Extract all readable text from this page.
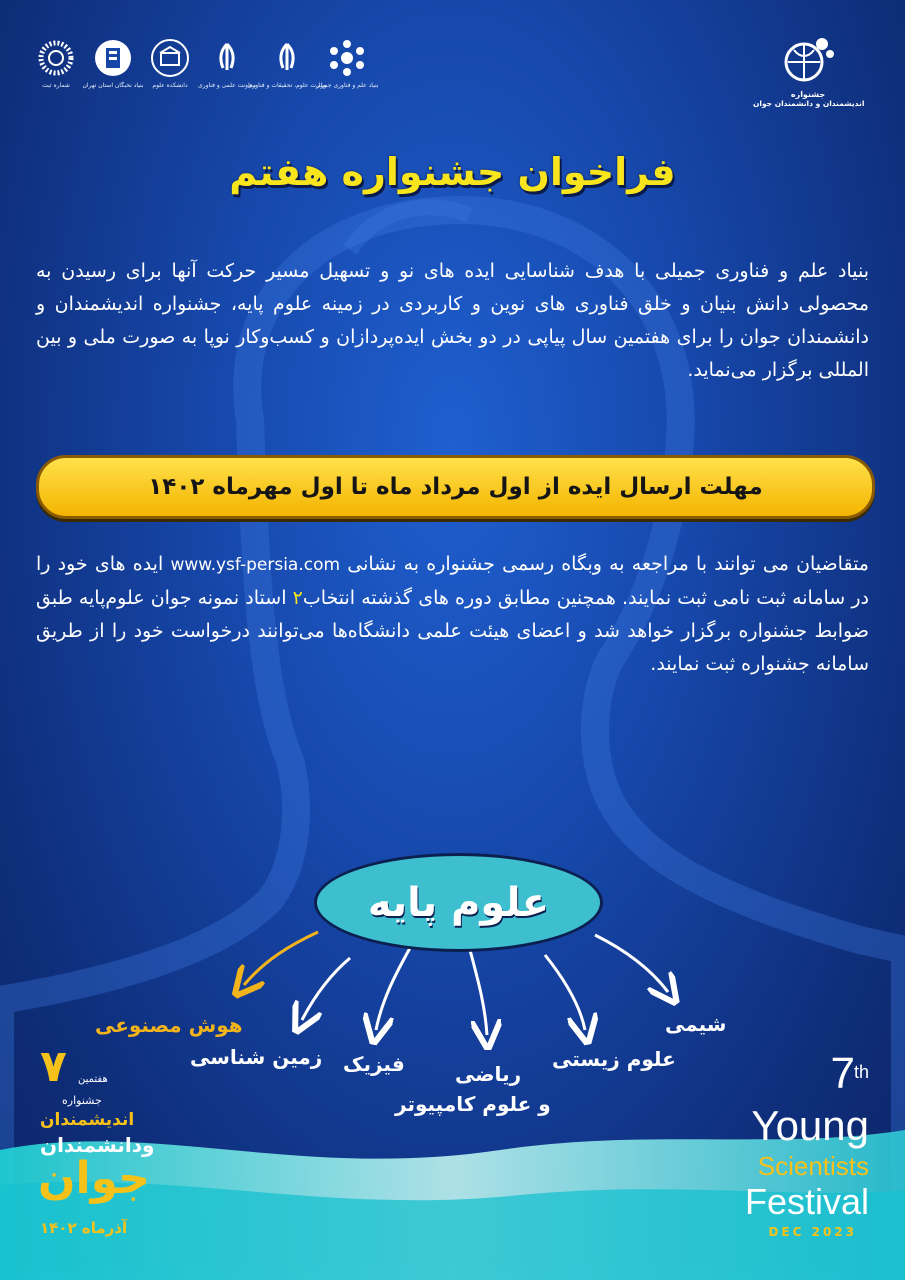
شماره ثبت بنیاد نخبگان استان تهران دانشکده علوم معاونت علمی و فناوری
وزارت علوم، تحقیقات و فناوری
بنیاد علم و فناوری جمیلی
جشنواره
اندیشمندان و دانشمندان جوان
فراخوان جشنواره هفتم
بنیاد علم و فناوری جمیلی با هدف شناسایی ایده های نو و تسهیل مسیر حرکت آنها برای رسیدن به محصولی دانش بنیان و خلق فناوری های نوین و کاربردی در زمینه علوم پایه، جشنواره اندیشمندان و دانشمندان جوان را برای هفتمین سال پیاپی در دو بخش ایده‌پردازان و کسب‌وکار نوپا به صورت ملی و بین المللی برگزار می‌نماید.
مهلت ارسال ایده از اول مرداد ماه تا اول مهرماه ۱۴۰۲
متقاضیان می توانند با مراجعه به وبگاه رسمی جشنواره به نشانی www.ysf-persia.com ایده های خود را در سامانه ثبت نامی ثبت نمایند. همچنین مطابق دوره های گذشته انتخاب۲ استاد نمونه جوان علوم‌پایه طبق ضوابط جشنواره برگزار خواهد شد و اعضای هیئت علمی دانشگاه‌ها می‌توانند درخواست خود را از طریق سامانه جشنواره ثبت نمایند.
علوم پایه
هوش مصنوعی
زمین شناسی فیزیک	ریاضی
و علوم کامپیوتر
علوم زیستی
شیمی
۷ هفتمین
جشنواره
اندیشمندان
ودانشمندان
جوان
آذرماه ۱۴۰۲
7
th
Young
Scientists
Festival
DEC 2023
